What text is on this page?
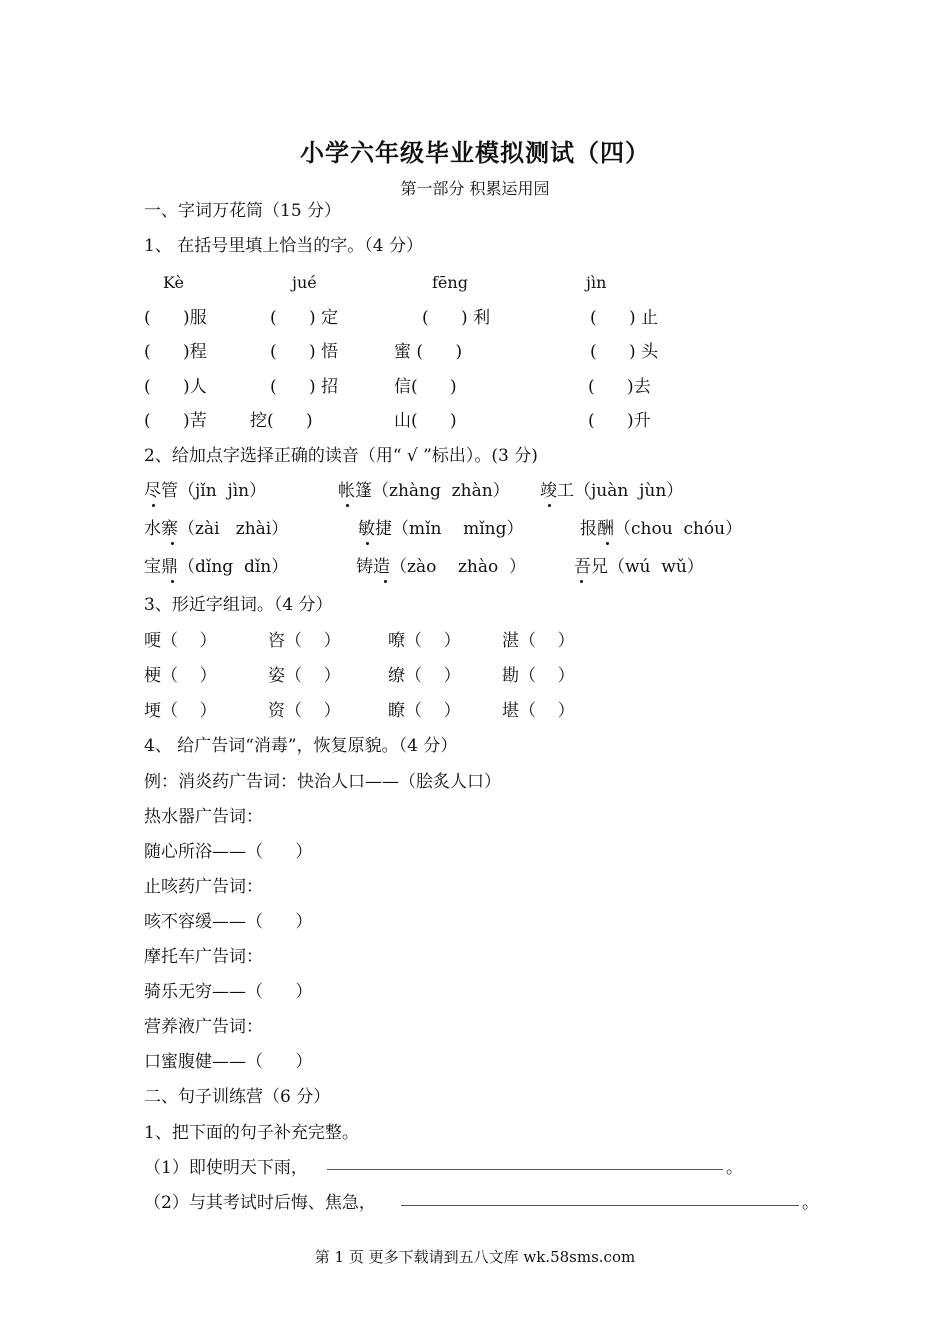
小学六年级毕业模拟测试（四）
第一部分 积累运用园
一、字词万花筒（15 分）
1、 在括号里填上恰当的字。（4 分）
Kè	jué	fēng	jìn
(      )服	(      ) 定	(      ) 利	(      ) 止
(      )程	(      ) 悟	蜜 (      )	(      ) 头
(      )人	(      ) 招	信(      )	(      )去
(      )苦	挖(      )	山(      )	(      )升
2、给加点字选择正确的读音（用“ √ ”标出）。(3 分)
尽管（jǐn  jìn）	帐篷（zhàng  zhàn） 竣工（juàn  jùn）
水寨（zài   zhài）	敏捷（mǐn    mǐng）	报酬（chou  chóu）
宝鼎（dǐng  dǐn）	铸造（zào    zhào  ）	吾兄（wú  wǔ）
3、形近字组词。（4 分）
哽（    ）	咨（    ）	嘹（    ） 湛（    ）
梗（    ）	姿（    ）	缭（    ） 勘（    ）
埂（    ）	资（    ）	瞭（    ） 堪（    ）
4、 给广告词“消毒”，恢复原貌。（4 分）
例：消炎药广告词：快治人口——（脍炙人口）
热水器广告词：
随心所浴——（      ）
止咳药广告词：
咳不容缓——（      ）
摩托车广告词：
骑乐无穷——（      ）
营养液广告词：
口蜜腹健——（      ）
二、句子训练营（6 分）
1、把下面的句子补充完整。
（1）即使明天下雨，	。
（2）与其考试时后悔、焦急，	。
第 1 页 更多下载请到五八文库 wk.58sms.com
